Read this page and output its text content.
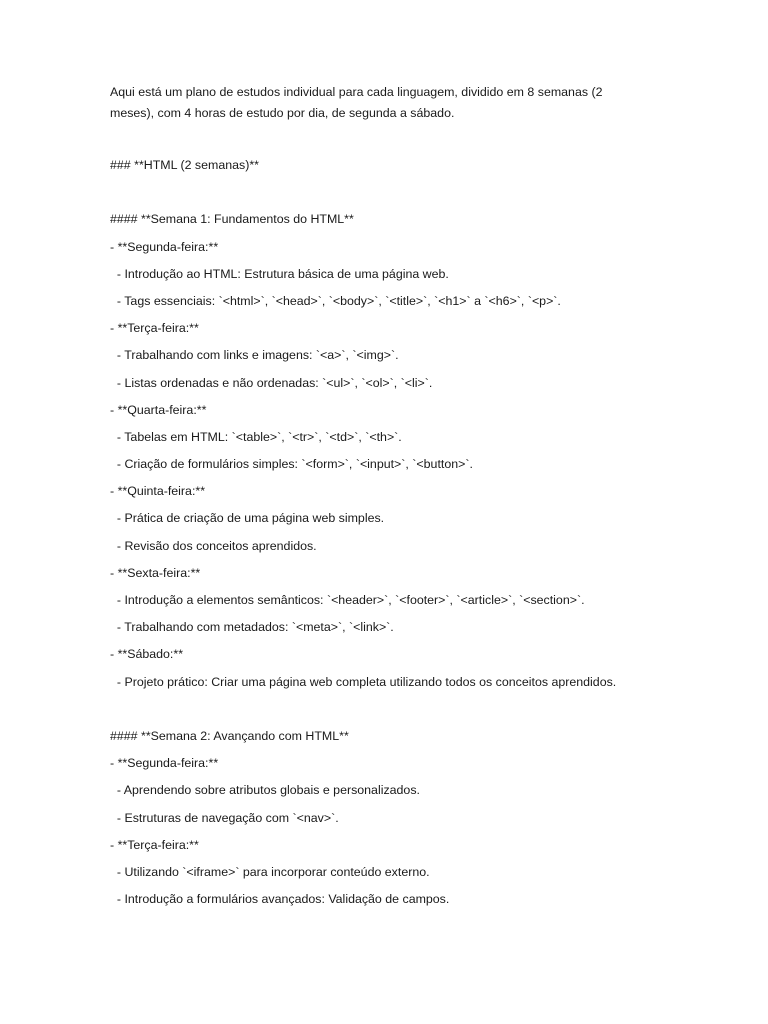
Aqui está um plano de estudos individual para cada linguagem, dividido em 8 semanas (2
meses), com 4 horas de estudo por dia, de segunda a sábado.
### **HTML (2 semanas)**
#### **Semana 1: Fundamentos do HTML**
- **Segunda-feira:**
- Introdução ao HTML: Estrutura básica de uma página web.
- Tags essenciais: `<html>`, `<head>`, `<body>`, `<title>`, `<h1>` a `<h6>`, `<p>`.
- **Terça-feira:**
- Trabalhando com links e imagens: `<a>`, `<img>`.
- Listas ordenadas e não ordenadas: `<ul>`, `<ol>`, `<li>`.
- **Quarta-feira:**
- Tabelas em HTML: `<table>`, `<tr>`, `<td>`, `<th>`.
- Criação de formulários simples: `<form>`, `<input>`, `<button>`.
- **Quinta-feira:**
- Prática de criação de uma página web simples.
- Revisão dos conceitos aprendidos.
- **Sexta-feira:**
- Introdução a elementos semânticos: `<header>`, `<footer>`, `<article>`, `<section>`.
- Trabalhando com metadados: `<meta>`, `<link>`.
- **Sábado:**
- Projeto prático: Criar uma página web completa utilizando todos os conceitos aprendidos.
#### **Semana 2: Avançando com HTML**
- **Segunda-feira:**
- Aprendendo sobre atributos globais e personalizados.
- Estruturas de navegação com `<nav>`.
- **Terça-feira:**
- Utilizando `<iframe>` para incorporar conteúdo externo.
- Introdução a formulários avançados: Validação de campos.
